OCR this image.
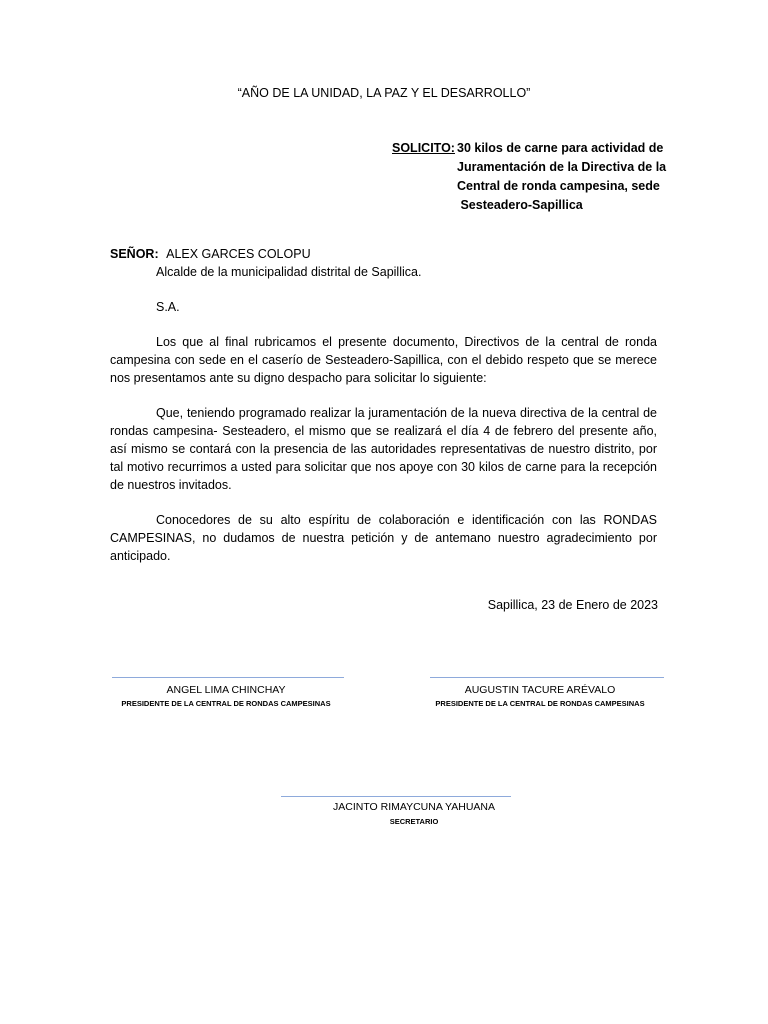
“AÑO DE LA UNIDAD, LA PAZ Y EL DESARROLLO”
SOLICITO: 30 kilos de carne para actividad de
Juramentación de la Directiva de la
Central de ronda campesina, sede
Sesteadero-Sapillica
SEÑOR: ALEX GARCES COLOPU
Alcalde de la municipalidad distrital de Sapillica.
S.A.

Los que al final rubricamos el presente documento, Directivos de la central de ronda campesina con sede en el caserío de Sesteadero-Sapillica, con el debido respeto que se merece nos presentamos ante su digno despacho para solicitar lo siguiente:

Que, teniendo programado realizar la juramentación de la nueva directiva de la central de rondas campesina- Sesteadero, el mismo que se realizará el día 4 de febrero del presente año, así mismo se contará con la presencia de las autoridades representativas de nuestro distrito, por tal motivo recurrimos a usted para solicitar que nos apoye con 30 kilos de carne para la recepción de nuestros invitados.

Conocedores de su alto espíritu de colaboración e identificación con las RONDAS CAMPESINAS, no dudamos de nuestra petición y de antemano nuestro agradecimiento por anticipado.

Sapillica, 23 de Enero de 2023
ANGEL LIMA CHINCHAY
PRESIDENTE DE LA CENTRAL DE RONDAS CAMPESINAS
AUGUSTIN TACURE ARÉVALO
PRESIDENTE DE LA CENTRAL DE RONDAS CAMPESINAS
JACINTO RIMAYCUNA YAHUANA
SECRETARIO
